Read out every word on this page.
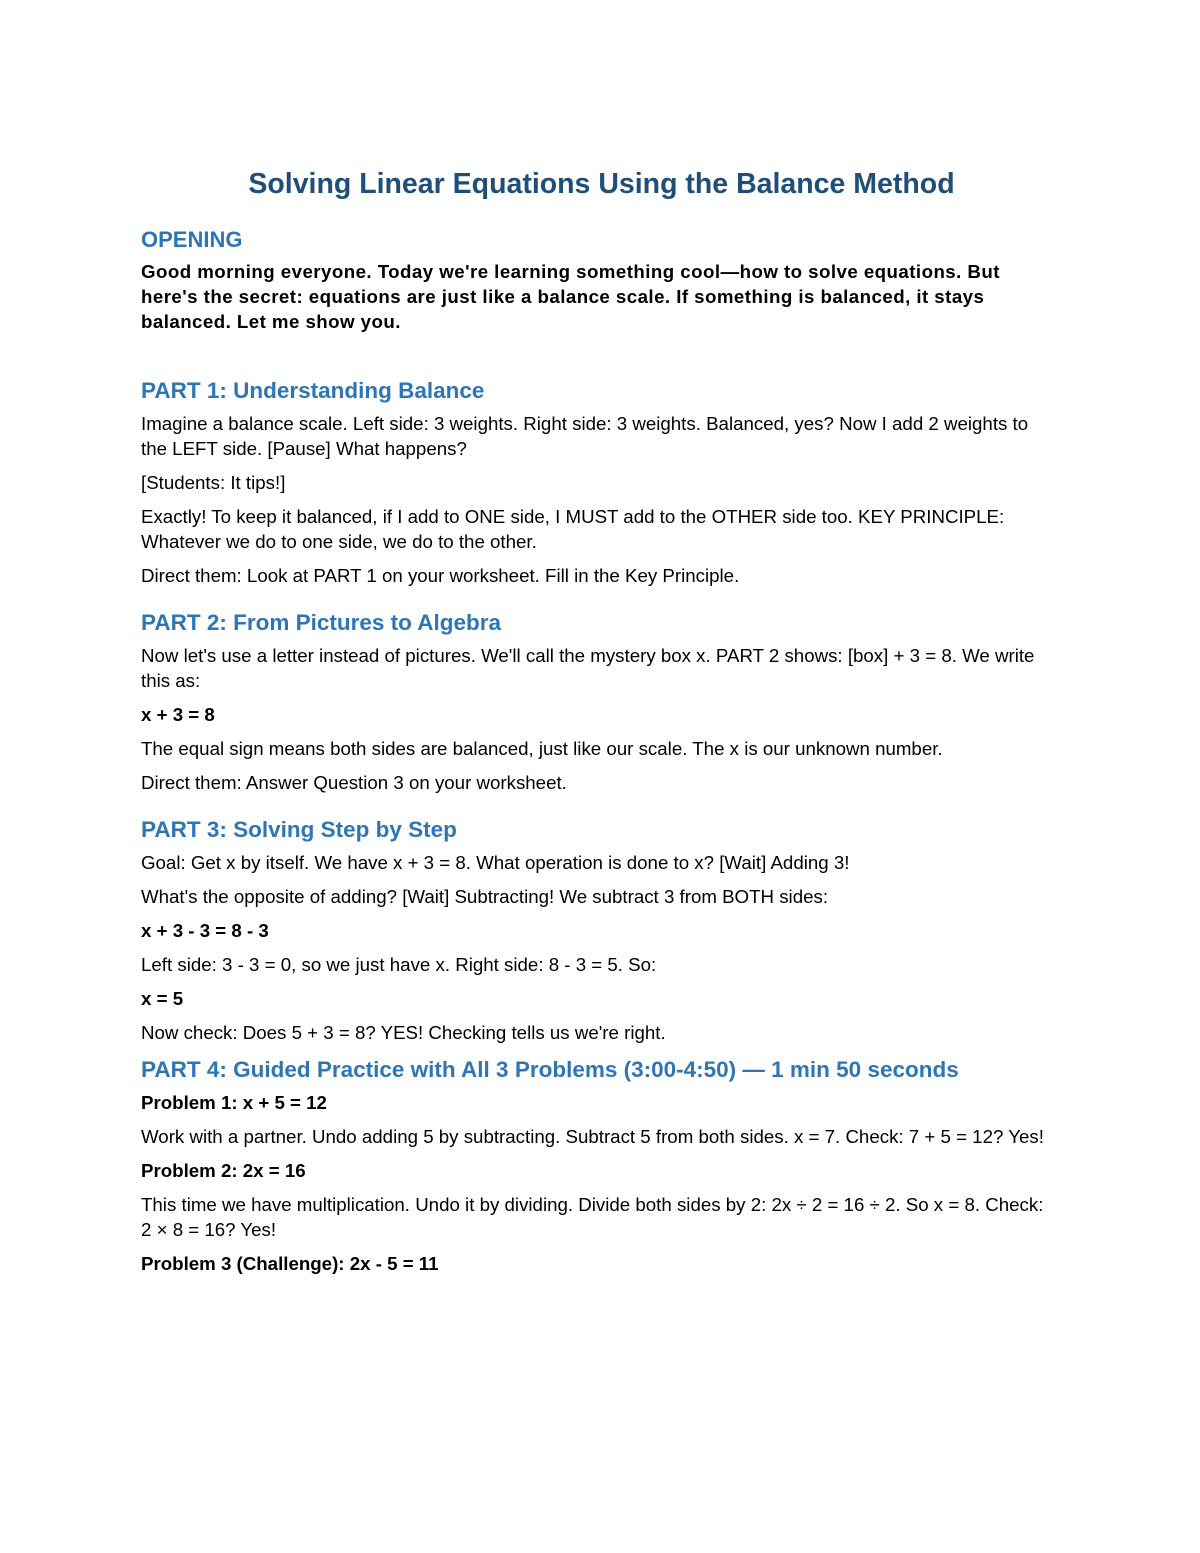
Solving Linear Equations Using the Balance Method
OPENING

Good morning everyone. Today we're learning something cool—how to solve equations. But here's the secret: equations are just like a balance scale. If something is balanced, it stays balanced. Let me show you.

PART 1: Understanding Balance

Imagine a balance scale. Left side: 3 weights. Right side: 3 weights. Balanced, yes? Now I add 2 weights to the LEFT side. [Pause] What happens?

[Students: It tips!]

Exactly! To keep it balanced, if I add to ONE side, I MUST add to the OTHER side too. KEY PRINCIPLE: Whatever we do to one side, we do to the other.

Direct them: Look at PART 1 on your worksheet. Fill in the Key Principle.

PART 2: From Pictures to Algebra

Now let's use a letter instead of pictures. We'll call the mystery box x. PART 2 shows: [box] + 3 = 8. We write this as:

x + 3 = 8

The equal sign means both sides are balanced, just like our scale. The x is our unknown number.

Direct them: Answer Question 3 on your worksheet.

PART 3: Solving Step by Step

Goal: Get x by itself. We have x + 3 = 8. What operation is done to x? [Wait] Adding 3!

What's the opposite of adding? [Wait] Subtracting! We subtract 3 from BOTH sides:

x + 3 - 3 = 8 - 3

Left side: 3 - 3 = 0, so we just have x. Right side: 8 - 3 = 5. So:

x = 5

Now check: Does 5 + 3 = 8? YES! Checking tells us we're right.

PART 4: Guided Practice with All 3 Problems (3:00-4:50) — 1 min 50 seconds

Problem 1: x + 5 = 12

Work with a partner. Undo adding 5 by subtracting. Subtract 5 from both sides. x = 7. Check: 7 + 5 = 12? Yes!

Problem 2: 2x = 16

This time we have multiplication. Undo it by dividing. Divide both sides by 2: 2x ÷ 2 = 16 ÷ 2. So x = 8. Check: 2 × 8 = 16? Yes!

Problem 3 (Challenge): 2x - 5 = 11
